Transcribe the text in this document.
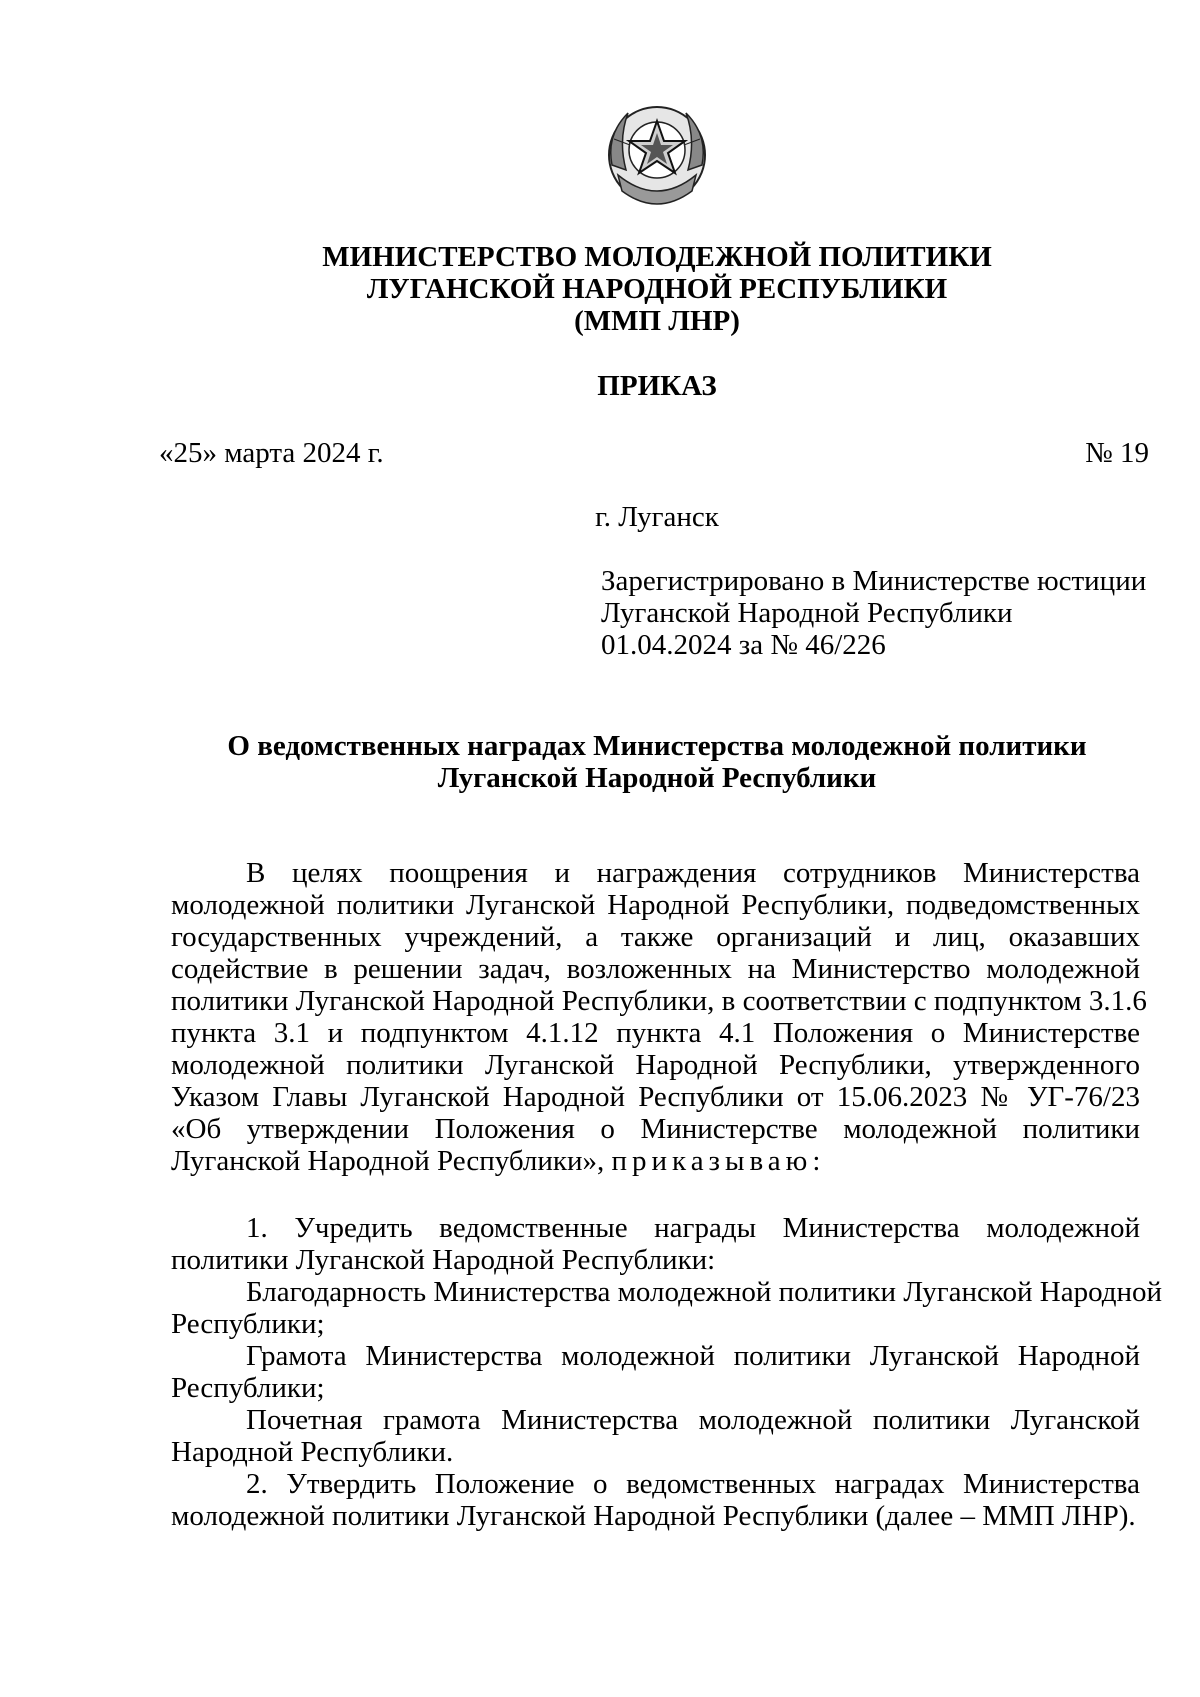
МИНИСТЕРСТВО МОЛОДЕЖНОЙ ПОЛИТИКИ
ЛУГАНСКОЙ НАРОДНОЙ РЕСПУБЛИКИ
(ММП ЛНР)
ПРИКАЗ
«25» марта 2024 г.	№ 19
г. Луганск
Зарегистрировано в Министерстве юстиции
Луганской Народной Республики
01.04.2024 за № 46/226
О ведомственных наградах Министерства молодежной политики
Луганской Народной Республики
В целях поощрения и награждения сотрудников Министерства
молодежной политики Луганской Народной Республики, подведомственных
государственных учреждений, а также организаций и лиц, оказавших
содействие в решении задач, возложенных на Министерство молодежной
политики Луганской Народной Республики, в соответствии с подпунктом 3.1.6
пункта 3.1 и подпунктом 4.1.12 пункта 4.1 Положения о Министерстве
молодежной политики Луганской Народной Республики, утвержденного
Указом Главы Луганской Народной Республики от 15.06.2023 № УГ-76/23
«Об утверждении Положения о Министерстве молодежной политики
Луганской Народной Республики», приказываю:
1. Учредить ведомственные награды Министерства молодежной
политики Луганской Народной Республики:
Благодарность Министерства молодежной политики Луганской Народной
Республики;
Грамота Министерства молодежной политики Луганской Народной
Республики;
Почетная грамота Министерства молодежной политики Луганской
Народной Республики.
2. Утвердить Положение о ведомственных наградах Министерства
молодежной политики Луганской Народной Республики (далее – ММП ЛНР).
